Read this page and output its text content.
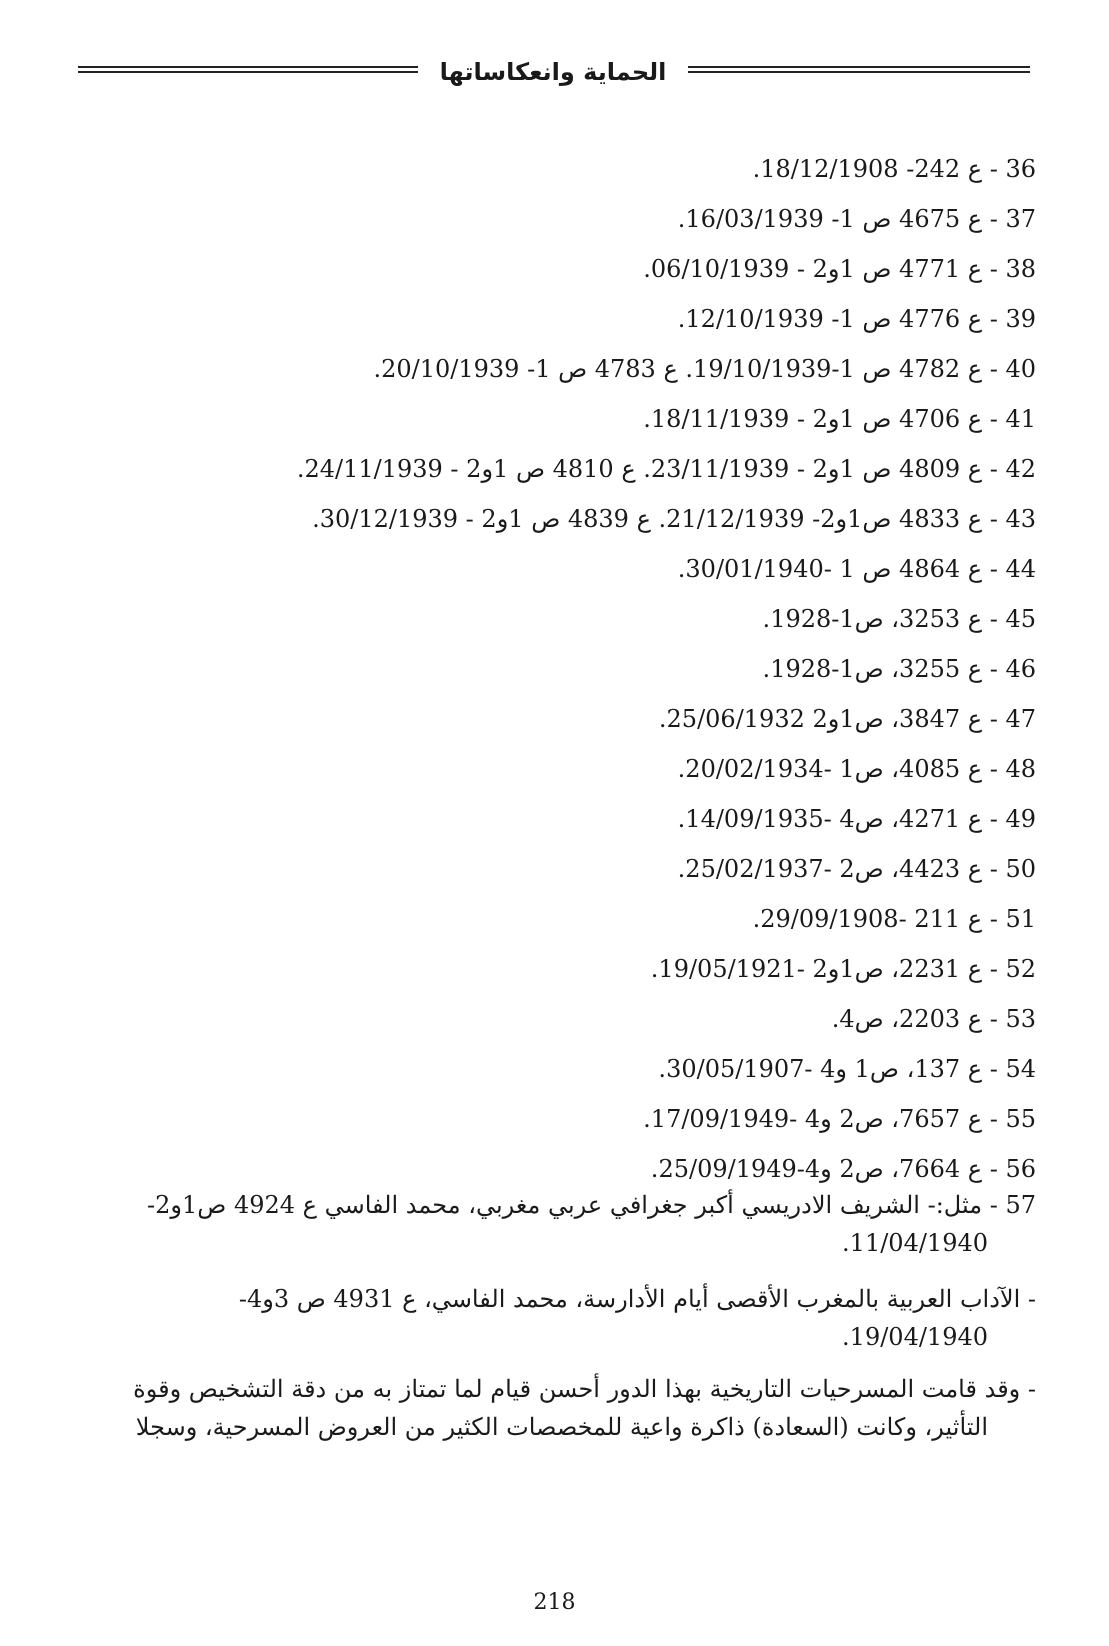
الحماية وانعكاساتها
36 - ع 242- 18/12/1908.
37 - ع 4675 ص 1- 16/03/1939.
38 - ع 4771 ص 1و2 - 06/10/1939.
39 - ع 4776 ص 1- 12/10/1939.
40 - ع 4782 ص 1-19/10/1939. ع 4783 ص 1- 20/10/1939.
41 - ع 4706 ص 1و2 - 18/11/1939.
42 - ع 4809 ص 1و2 - 23/11/1939. ع 4810 ص 1و2 - 24/11/1939.
43 - ع 4833 ص1و2- 21/12/1939. ع 4839 ص 1و2 - 30/12/1939.
44 - ع 4864 ص 1 -30/01/1940.
45 - ع 3253، ص1-1928.
46 - ع 3255، ص1-1928.
47 - ع 3847، ص1و2 25/06/1932.
48 - ع 4085، ص1 -20/02/1934.
49 - ع 4271، ص4 -14/09/1935.
50 - ع 4423، ص2 -25/02/1937.
51 - ع 211 -29/09/1908.
52 - ع 2231، ص1و2 -19/05/1921.
53 - ع 2203، ص4.
54 - ع 137، ص1 و4 -30/05/1907.
55 - ع 7657، ص2 و4 -17/09/1949.
56 - ع 7664، ص2 و4-25/09/1949.

57 - مثل:- الشريف الادريسي أكبر جغرافي عربي مغربي، محمد الفاسي ع 4924 ص1و2-
11/04/1940.

- الآداب العربية بالمغرب الأقصى أيام الأدارسة، محمد الفاسي، ع 4931 ص 3و4-
19/04/1940.

- وقد قامت المسرحيات التاريخية بهذا الدور أحسن قيام لما تمتاز به من دقة التشخيص وقوة
التأثير، وكانت (السعادة) ذاكرة واعية للمخصصات الكثير من العروض المسرحية، وسجلا

218
